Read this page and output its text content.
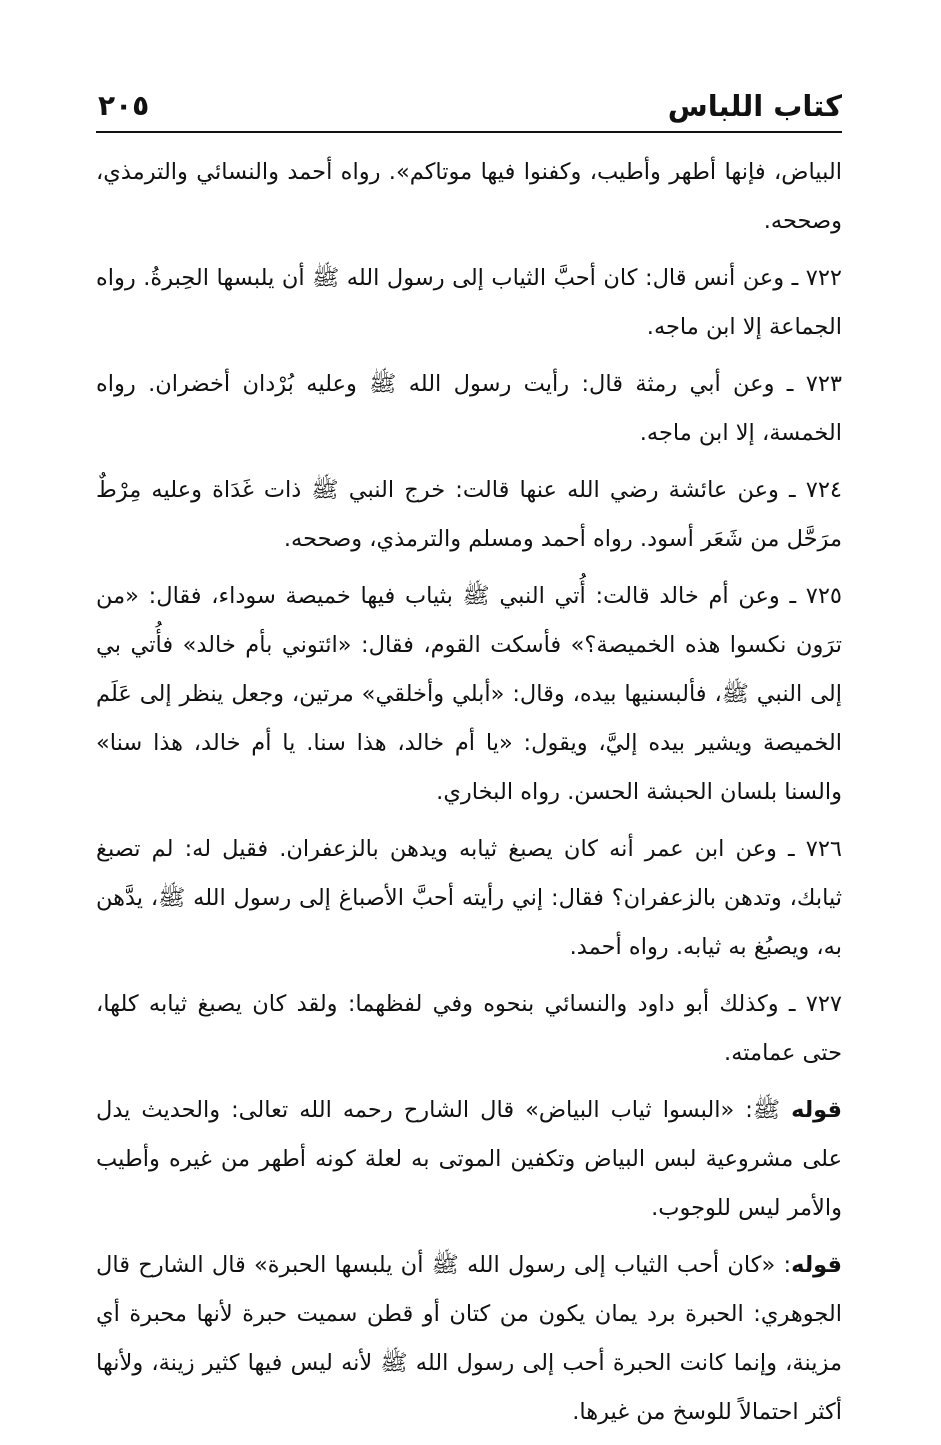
كتاب اللباس
٢٠٥

البياض، فإنها أطهر وأطيب، وكفنوا فيها موتاكم». رواه أحمد والنسائي والترمذي، وصححه.

٧٢٢ ـ وعن أنس قال: كان أحبَّ الثياب إلى رسول الله ﷺ أن يلبسها الحِبرةُ. رواه الجماعة إلا ابن ماجه.

٧٢٣ ـ وعن أبي رمثة قال: رأيت رسول الله ﷺ وعليه بُرْدان أخضران. رواه الخمسة، إلا ابن ماجه.

٧٢٤ ـ وعن عائشة رضي الله عنها قالت: خرج النبي ﷺ ذات غَدَاة وعليه مِرْطٌ مرَحَّل من شَعَر أسود. رواه أحمد ومسلم والترمذي، وصححه.

٧٢٥ ـ وعن أم خالد قالت: أُتي النبي ﷺ بثياب فيها خميصة سوداء، فقال: «من ترَون نكسوا هذه الخميصة؟» فأسكت القوم، فقال: «ائتوني بأم خالد» فأُتي بي إلى النبي ﷺ، فألبسنيها بيده، وقال: «أبلي وأخلقي» مرتين، وجعل ينظر إلى عَلَم الخميصة ويشير بيده إليَّ، ويقول: «يا أم خالد، هذا سنا. يا أم خالد، هذا سنا» والسنا بلسان الحبشة الحسن. رواه البخاري.

٧٢٦ ـ وعن ابن عمر أنه كان يصبغ ثيابه ويدهن بالزعفران. فقيل له: لم تصبغ ثيابك، وتدهن بالزعفران؟ فقال: إني رأيته أحبَّ الأصباغ إلى رسول الله ﷺ، يدَّهن به، ويصبُغ به ثيابه. رواه أحمد.

٧٢٧ ـ وكذلك أبو داود والنسائي بنحوه وفي لفظهما: ولقد كان يصبغ ثيابه كلها، حتى عمامته.

قوله ﷺ: «البسوا ثياب البياض» قال الشارح رحمه الله تعالى: والحديث يدل على مشروعية لبس البياض وتكفين الموتى به لعلة كونه أطهر من غيره وأطيب والأمر ليس للوجوب.

قوله: «كان أحب الثياب إلى رسول الله ﷺ أن يلبسها الحبرة» قال الشارح قال الجوهري: الحبرة برد يمان يكون من كتان أو قطن سميت حبرة لأنها محبرة أي مزينة، وإنما كانت الحبرة أحب إلى رسول الله ﷺ لأنه ليس فيها كثير زينة، ولأنها أكثر احتمالاً للوسخ من غيرها.
